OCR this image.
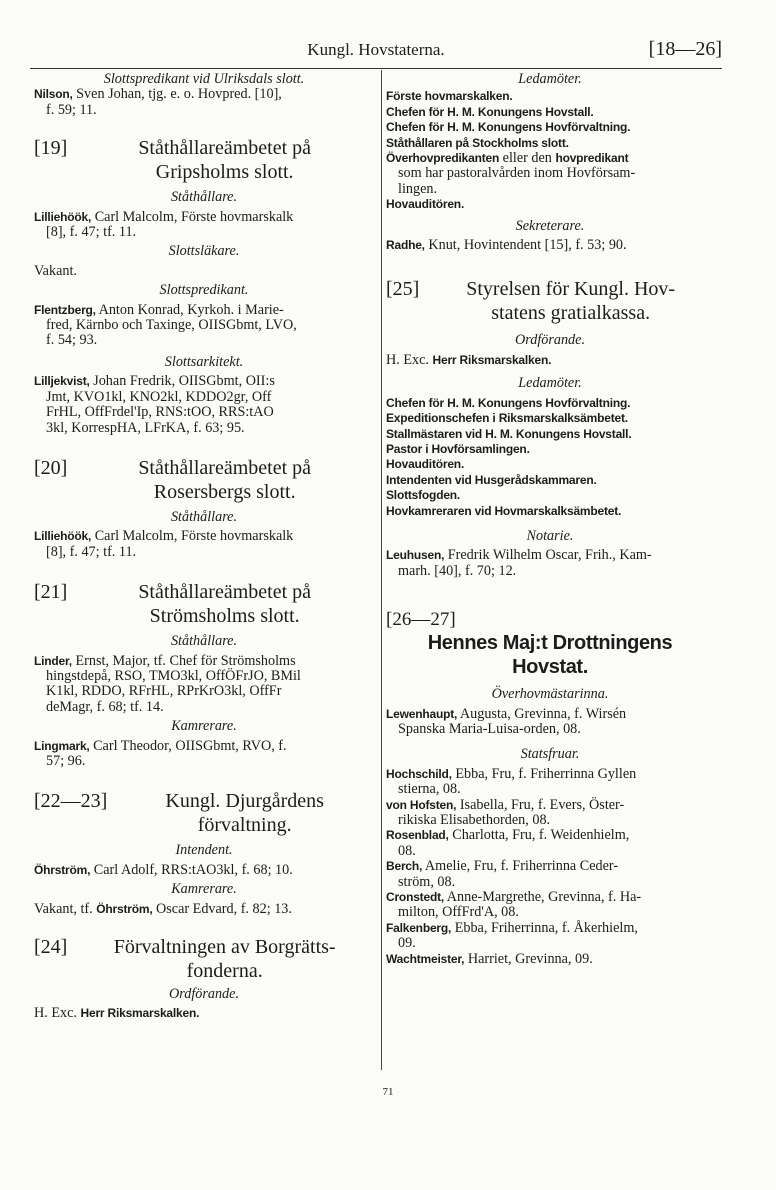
Kungl. Hovstaterna.	[18—26]

Slottspredikant vid Ulriksdals slott.

Nilson, Sven Johan, tjg. e. o. Hovpred. [10],
f. 59; 11.

[19]	Ståthållareämbetet på
Gripsholms slott.

Ståthållare.

Lilliehöök, Carl Malcolm, Förste hovmarskalk
[8], f. 47; tf. 11.

Slottsläkare.

Vakant.

Slottspredikant.

Flentzberg, Anton Konrad, Kyrkoh. i Marie-
fred, Kärnbo och Taxinge, OIISGbmt, LVO,
f. 54; 93.

Slottsarkitekt.

Lilljekvist, Johan Fredrik, OIISGbmt, OII:s
Jmt, KVO1kl, KNO2kl, KDDO2gr, Off
FrHL, OffFrdel'Ip, RNS:tOO, RRS:tAO
3kl, KorrespHA, LFrKA, f. 63; 95.

[20]	Ståthållareämbetet på
Rosersbergs slott.

Ståthållare.

Lilliehöök, Carl Malcolm, Förste hovmarskalk
[8], f. 47; tf. 11.

[21]	Ståthållareämbetet på
Strömsholms slott.

Ståthållare.

Linder, Ernst, Major, tf. Chef för Strömsholms
hingstdepå, RSO, TMO3kl, OffÖFrJO, BMil
K1kl, RDDO, RFrHL, RPrKrO3kl, OffFr
deMagr, f. 68; tf. 14.

Kamrerare.

Lingmark, Carl Theodor, OIISGbmt, RVO, f.
57; 96.

[22—23]	Kungl. Djurgårdens
förvaltning.

Intendent.

Öhrström, Carl Adolf, RRS:tAO3kl, f. 68; 10.

Kamrerare.

Vakant, tf. Öhrström, Oscar Edvard, f. 82; 13.

[24]	Förvaltningen av Borgrätts-
fonderna.

Ordförande.

H. Exc. Herr Riksmarskalken.

Ledamöter.

Förste hovmarskalken.

Chefen för H. M. Konungens Hovstall.

Chefen för H. M. Konungens Hovförvaltning.

Ståthållaren på Stockholms slott.

Överhovpredikanten eller den hovpredikant
som har pastoralvården inom Hovförsam-
lingen.

Hovauditören.

Sekreterare.

Radhe, Knut, Hovintendent [15], f. 53; 90.

[25]	Styrelsen för Kungl. Hov-
statens gratialkassa.

Ordförande.

H. Exc. Herr Riksmarskalken.

Ledamöter.

Chefen för H. M. Konungens Hovförvaltning.

Expeditionschefen i Riksmarskalksämbetet.

Stallmästaren vid H. M. Konungens Hovstall.

Pastor i Hovförsamlingen.

Hovauditören.

Intendenten vid Husgerådskammaren.

Slottsfogden.

Hovkamreraren vid Hovmarskalksämbetet.

Notarie.

Leuhusen, Fredrik Wilhelm Oscar, Frih., Kam-
marh. [40], f. 70; 12.

[26—27]

Hennes Maj:t Drottningens

Hovstat.

Överhovmästarinna.

Lewenhaupt, Augusta, Grevinna, f. Wirsén
Spanska Maria-Luisa-orden, 08.

Statsfruar.

Hochschild, Ebba, Fru, f. Friherrinna Gyllen
stierna, 08.

von Hofsten, Isabella, Fru, f. Evers, Öster-
rikiska Elisabethorden, 08.

Rosenblad, Charlotta, Fru, f. Weidenhielm,
08.

Berch, Amelie, Fru, f. Friherrinna Ceder-
ström, 08.

Cronstedt, Anne-Margrethe, Grevinna, f. Ha-
milton, OffFrd'A, 08.

Falkenberg, Ebba, Friherrinna, f. Åkerhielm,
09.

Wachtmeister, Harriet, Grevinna, 09.

71
